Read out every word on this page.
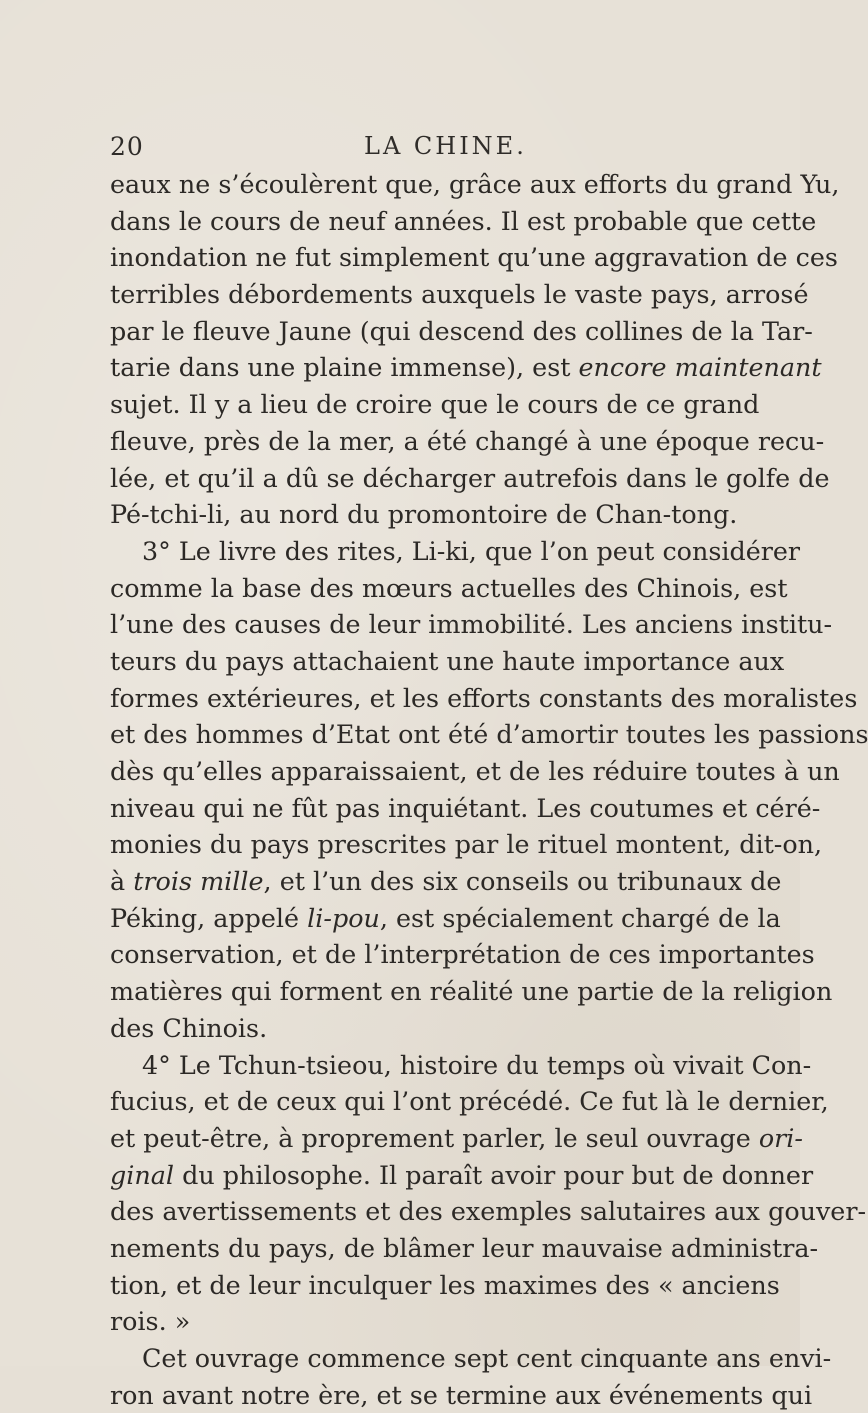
20	LA CHINE.
eaux ne s’écoulèrent que, grâce aux efforts du grand Yu,
dans le cours de neuf années. Il est probable que cette
inondation ne fut simplement qu’une aggravation de ces
terribles débordements auxquels le vaste pays, arrosé
par le fleuve Jaune (qui descend des collines de la Tar-
tarie dans une plaine immense), est encore maintenant
sujet. Il y a lieu de croire que le cours de ce grand
fleuve, près de la mer, a été changé à une époque recu-
lée, et qu’il a dû se décharger autrefois dans le golfe de
Pé-tchi-li, au nord du promontoire de Chan-tong.
3° Le livre des rites, Li-ki, que l’on peut considérer
comme la base des mœurs actuelles des Chinois, est
l’une des causes de leur immobilité. Les anciens institu-
teurs du pays attachaient une haute importance aux
formes extérieures, et les efforts constants des moralistes
et des hommes d’Etat ont été d’amortir toutes les passions
dès qu’elles apparaissaient, et de les réduire toutes à un
niveau qui ne fût pas inquiétant. Les coutumes et céré-
monies du pays prescrites par le rituel montent, dit-on,
à trois mille, et l’un des six conseils ou tribunaux de
Péking, appelé li-pou, est spécialement chargé de la
conservation, et de l’interprétation de ces importantes
matières qui forment en réalité une partie de la religion
des Chinois.
4° Le Tchun-tsieou, histoire du temps où vivait Con-
fucius, et de ceux qui l’ont précédé. Ce fut là le dernier,
et peut-être, à proprement parler, le seul ouvrage ori-
ginal du philosophe. Il paraît avoir pour but de donner
des avertissements et des exemples salutaires aux gouver-
nements du pays, de blâmer leur mauvaise administra-
tion, et de leur inculquer les maximes des « anciens
rois. »
Cet ouvrage commence sept cent cinquante ans envi-
ron avant notre ère, et se termine aux événements qui
